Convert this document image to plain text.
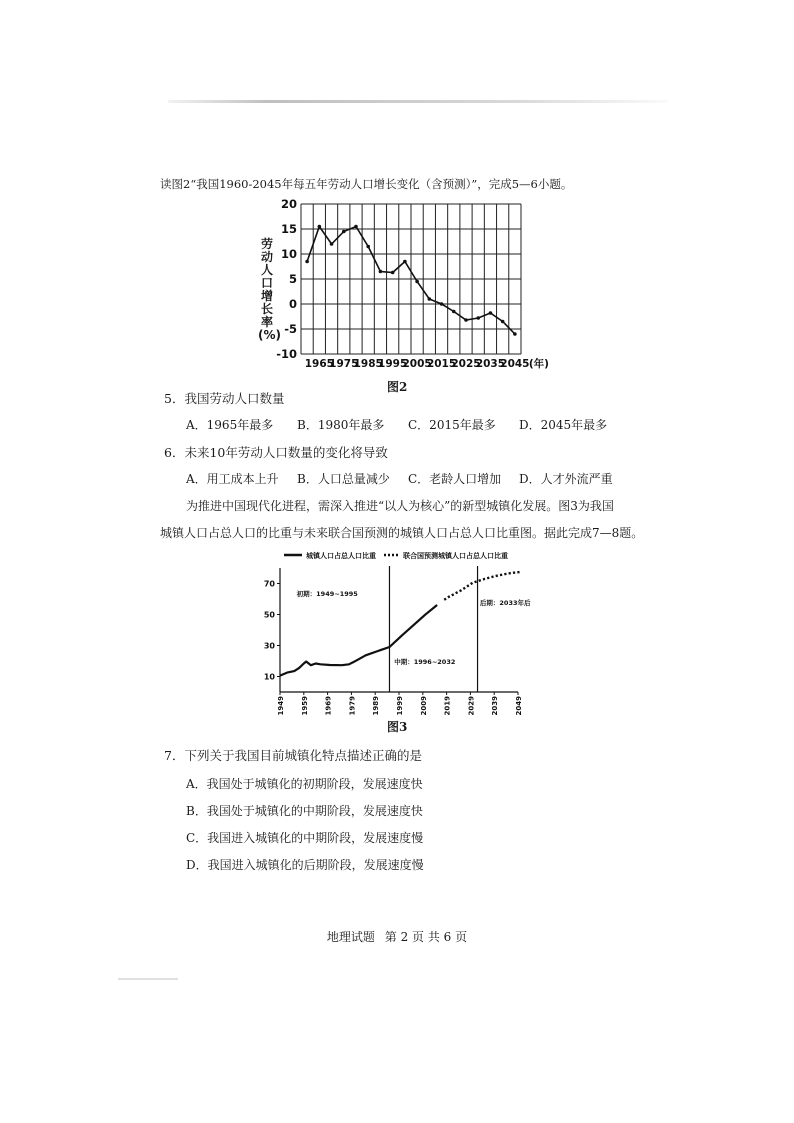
读图2“我国1960-2045年每五年劳动人口增长变化（含预测）”，完成5—6小题。
劳动人口增长率(%)
20
15
10
5
0
-5
-10
1965
1975
1985
1995
2005
2015
2025
2035
2045 (年)
图2
5．我国劳动人口数量
A．1965年最多 B．1980年最多 C．2015年最多 D．2045年最多
6．未来10年劳动人口数量的变化将导致
A．用工成本上升 B．人口总量减少 C．老龄人口增加 D．人才外流严重
为推进中国现代化进程，需深入推进“以人为核心”的新型城镇化发展。图3为我国
城镇人口占总人口的比重与未来联合国预测的城镇人口占总人口比重图。据此完成7—8题。
城镇人口占总人口比重	联合国预测城镇人口占总人口比重
10
30
50
70
1949 1959 1969 1979 1989 1999 2009 2019 2029 2039 2049
初期：1949~1995
中期：1996~2032
后期：2033年后
图3
7．下列关于我国目前城镇化特点描述正确的是
A．我国处于城镇化的初期阶段，发展速度快
B．我国处于城镇化的中期阶段，发展速度快
C．我国进入城镇化的中期阶段，发展速度慢
D．我国进入城镇化的后期阶段，发展速度慢
地理试题 第 2 页 共 6 页
